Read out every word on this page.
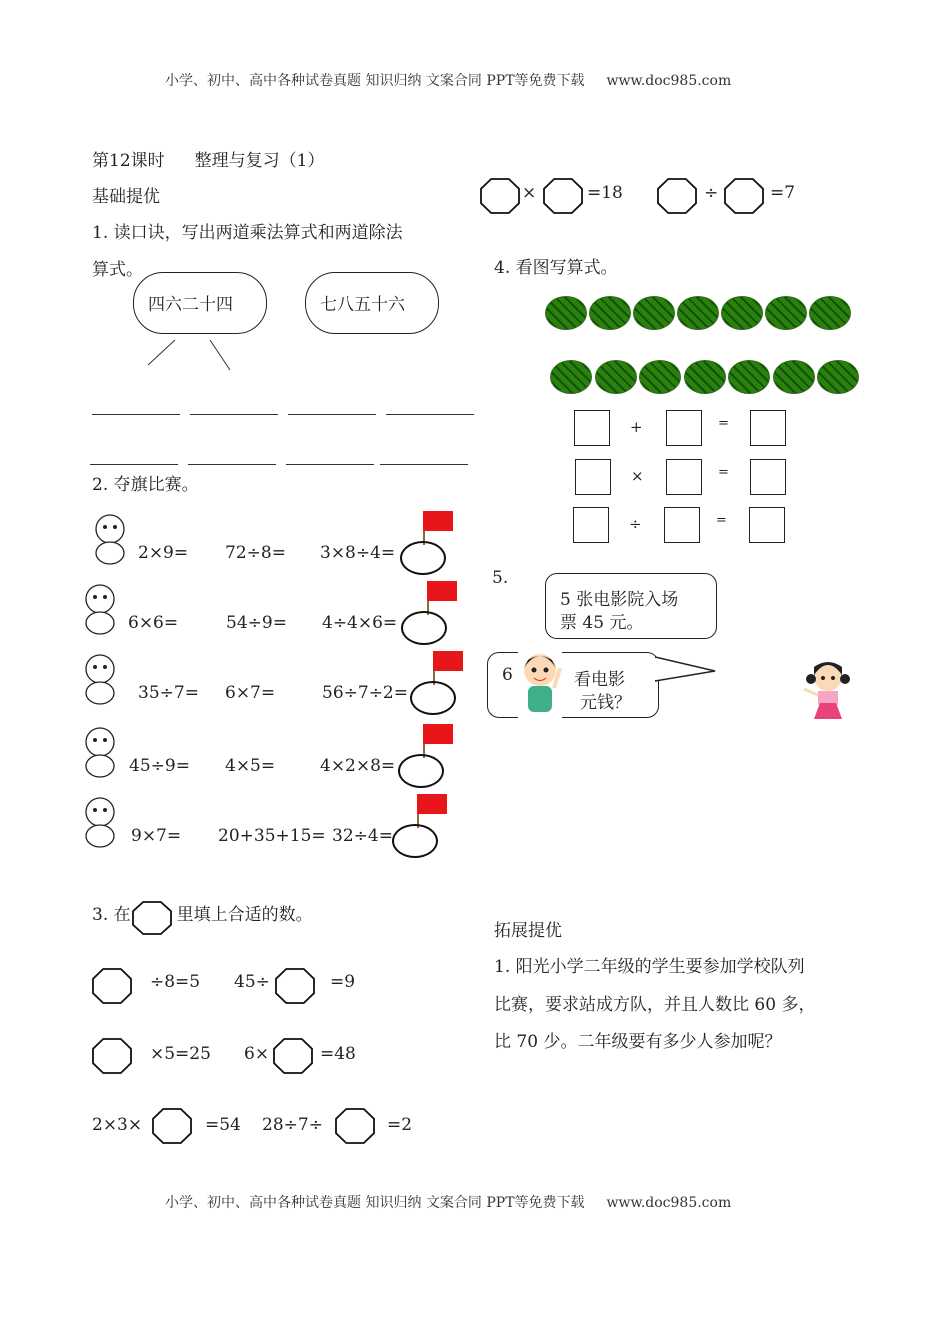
小学、初中、高中各种试卷真题 知识归纳 文案合同 PPT等免费下载 www.doc985.com
第12课时 整理与复习（1）
基础提优
1. 读口诀，写出两道乘法算式和两道除法
算式。
四六二十四	七八五十六
2. 夺旗比赛。
2×9= 72÷8= 3×8÷4=
6×6=	54÷9= 4÷4×6=
35÷7= 6×7=	56÷7÷2=
45÷9= 4×5=	4×2×8=
9×7= 20+35+15= 32÷4=
3. 在	里填上合适的数。
÷8=5 45÷	=9
×5=25 6×	=48
2×3×	=54 28÷7÷	=2
×	=18	÷	=7
4. 看图写算式。
+	=
×	=
÷	=
5.
5 张电影院入场
票 45 元。
6	看电影
元钱？
拓展提优
1. 阳光小学二年级的学生要参加学校队列
比赛，要求站成方队，并且人数比 60 多，
比 70 少。二年级要有多少人参加呢？
小学、初中、高中各种试卷真题 知识归纳 文案合同 PPT等免费下载 www.doc985.com
